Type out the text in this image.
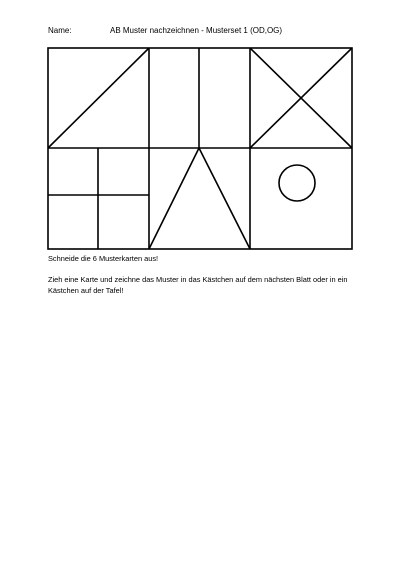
Name:	AB Muster nachzeichnen - Musterset 1 (OD,OG)
Schneide die 6 Musterkarten aus!
Zieh eine Karte und zeichne das Muster in das Kästchen auf dem nächsten Blatt oder in ein Kästchen auf der Tafel!
